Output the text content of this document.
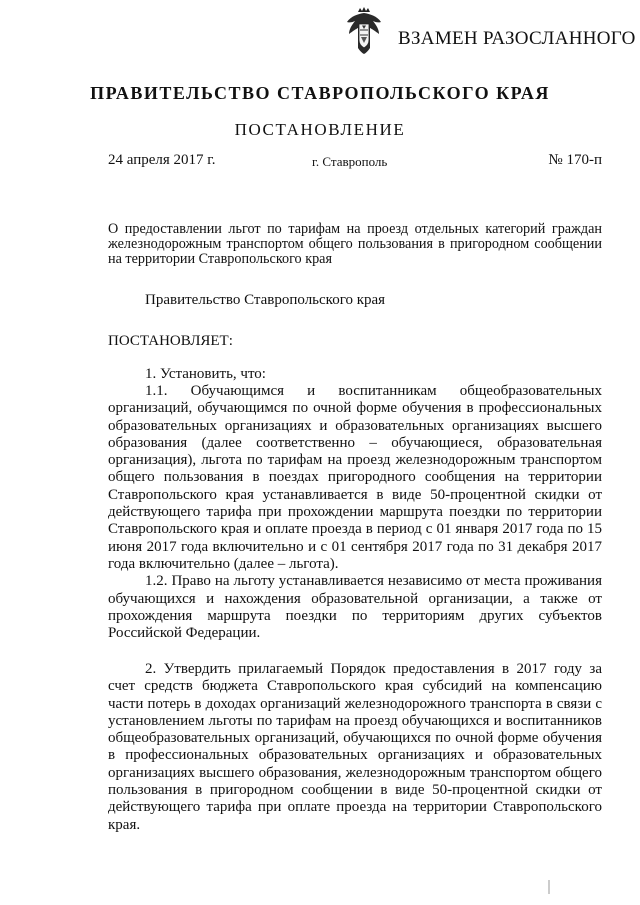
ВЗАМЕН РАЗОСЛАННОГО
ПРАВИТЕЛЬСТВО СТАВРОПОЛЬСКОГО КРАЯ
ПОСТАНОВЛЕНИЕ
24 апреля 2017 г.	г. Ставрополь	№ 170-п
О предоставлении льгот по тарифам на проезд отдельных категорий граждан железнодорожным транспортом общего пользования в пригородном сообщении на территории Ставропольского края
Правительство Ставропольского края
ПОСТАНОВЛЯЕТ:
1. Установить, что:

1.1. Обучающимся и воспитанникам общеобразовательных организаций, обучающимся по очной форме обучения в профессиональных образовательных организациях и образовательных организациях высшего образования (далее соответственно – обучающиеся, образовательная организация), льгота по тарифам на проезд железнодорожным транспортом общего пользования в поездах пригородного сообщения на территории Ставропольского края устанавливается в виде 50-процентной скидки от действующего тарифа при прохождении маршрута поездки по территории Ставропольского края и оплате проезда в период с 01 января 2017 года по 15 июня 2017 года включительно и с 01 сентября 2017 года по 31 декабря 2017 года включительно (далее – льгота).

1.2. Право на льготу устанавливается независимо от места проживания обучающихся и нахождения образовательной организации, а также от прохождения маршрута поездки по территориям других субъектов Российской Федерации.

2. Утвердить прилагаемый Порядок предоставления в 2017 году за счет средств бюджета Ставропольского края субсидий на компенсацию части потерь в доходах организаций железнодорожного транспорта в связи с установлением льготы по тарифам на проезд обучающихся и воспитанников общеобразовательных организаций, обучающихся по очной форме обучения в профессиональных образовательных организациях и образовательных организациях высшего образования, железнодорожным транспортом общего пользования в пригородном сообщении в виде 50-процентной скидки от действующего тарифа при оплате проезда на территории Ставропольского края.
